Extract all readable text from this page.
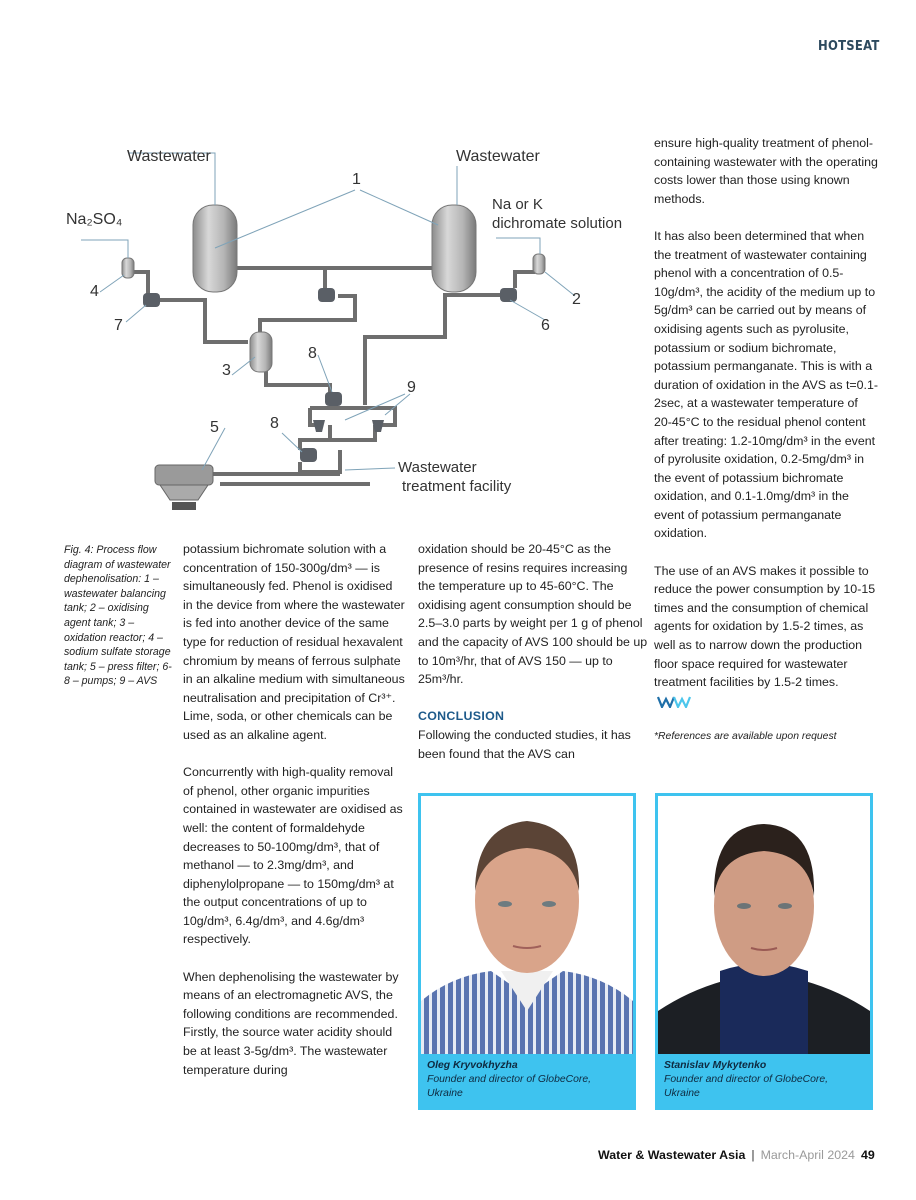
HOTSEAT
Wastewater	Wastewater
Na₂SO₄
Na or K
dichromate solution
Wastewater
treatment facility
1
2
3
4
5
6
7
8
8
9
Fig. 4: Process flow diagram of wastewater dephenolisation: 1 – wastewater balancing tank; 2 – oxidising agent tank; 3 – oxidation reactor; 4 – sodium sulfate storage tank; 5 – press filter; 6-8 – pumps; 9 – AVS

potassium bichromate solution with a concentration of 150-300g/dm³ — is simultaneously fed. Phenol is oxidised in the device from where the wastewater is fed into another device of the same type for reduction of residual hexavalent chromium by means of ferrous sulphate in an alkaline medium with simultaneous neutralisation and precipitation of Cr³⁺. Lime, soda, or other chemicals can be used as an alkaline agent.

Concurrently with high-quality removal of phenol, other organic impurities contained in wastewater are oxidised as well: the content of formaldehyde decreases to 50-100mg/dm³, that of methanol — to 2.3mg/dm³, and diphenylolpropane — to 150mg/dm³ at the output concentrations of up to 10g/dm³, 6.4g/dm³, and 4.6g/dm³ respectively.

When dephenolising the wastewater by means of an electromagnetic AVS, the following conditions are recommended. Firstly, the source water acidity should be at least 3-5g/dm³. The wastewater temperature during

oxidation should be 20-45°C as the presence of resins requires increasing the temperature up to 45-60°C. The oxidising agent consumption should be 2.5–3.0 parts by weight per 1 g of phenol and the capacity of AVS 100 should be up to 10m³/hr, that of AVS 150 — up to 25m³/hr.

CONCLUSION

Following the conducted studies, it has been found that the AVS can

ensure high-quality treatment of phenol-containing wastewater with the operating costs lower than those using known methods.

It has also been determined that when the treatment of wastewater containing phenol with a concentration of 0.5-10g/dm³, the acidity of the medium up to 5g/dm³ can be carried out by means of oxidising agents such as pyrolusite, potassium or sodium bichromate, potassium permanganate. This is with a duration of oxidation in the AVS as t=0.1-2sec, at a wastewater temperature of 20-45°C to the residual phenol content after treating: 1.2-10mg/dm³ in the event of pyrolusite oxidation, 0.2-5mg/dm³ in the event of potassium bichromate oxidation, and 0.1-1.0mg/dm³ in the event of potassium permanganate oxidation.

The use of an AVS makes it possible to reduce the power consumption by 10-15 times and the consumption of chemical agents for oxidation by 1.5-2 times, as well as to narrow down the production floor space required for wastewater treatment facilities by 1.5-2 times.

*References are available upon request
Oleg Kryvokhyzha
Founder and director of GlobeCore,
Ukraine
Stanislav Mykytenko
Founder and director of GlobeCore,
Ukraine
Water & Wastewater Asia | March-April 2024 49
